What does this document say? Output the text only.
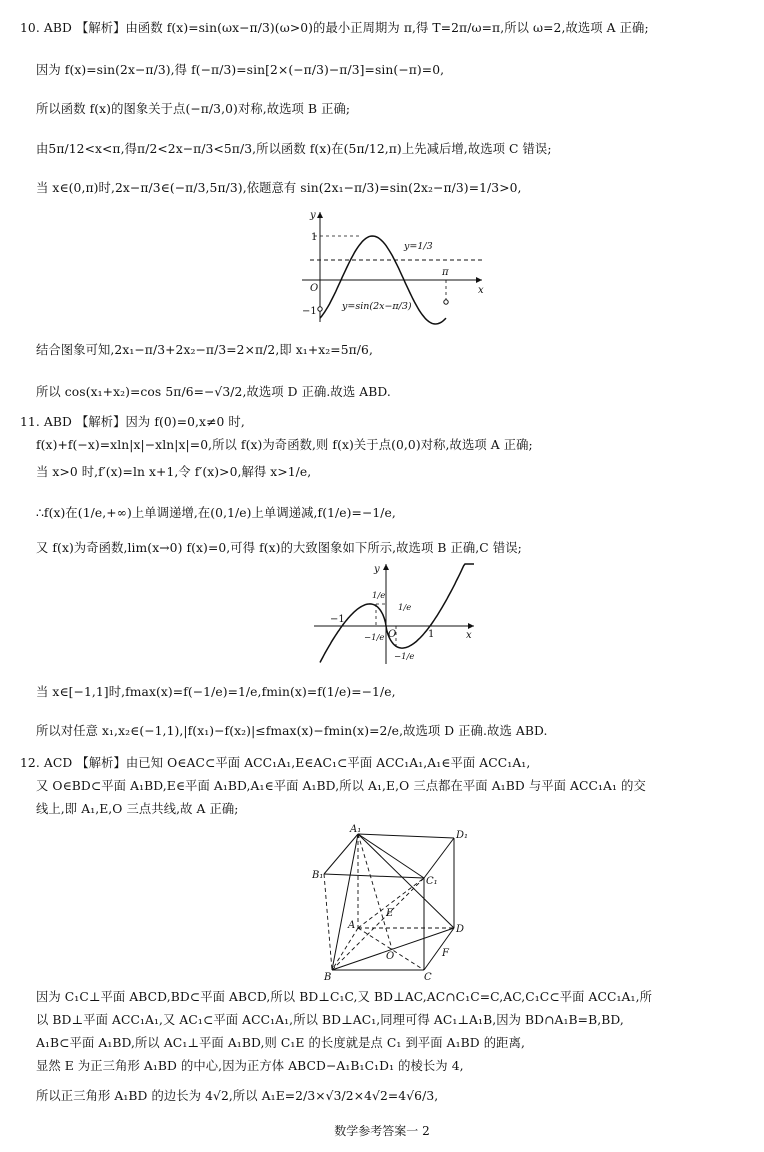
10. ABD 【解析】由函数 f(x)=sin(ωx−π/3)(ω>0)的最小正周期为 π,得 T=2π/ω=π,所以 ω=2,故选项 A 正确;
因为 f(x)=sin(2x−π/3),得 f(−π/3)=sin[2×(−π/3)−π/3]=sin(−π)=0,
所以函数 f(x)的图象关于点(−π/3,0)对称,故选项 B 正确;
由5π/12<x<π,得π/2<2x−π/3<5π/3,所以函数 f(x)在(5π/12,π)上先减后增,故选项 C 错误;
当 x∈(0,π)时,2x−π/3∈(−π/3,5π/3),依题意有 sin(2x₁−π/3)=sin(2x₂−π/3)=1/3>0,
y
x
1
−1
O
π
y=1/3
y=sin(2x−π/3)
结合图象可知,2x₁−π/3+2x₂−π/3=2×π/2,即 x₁+x₂=5π/6,
所以 cos(x₁+x₂)=cos 5π/6=−√3/2,故选项 D 正确.故选 ABD.
11. ABD 【解析】因为 f(0)=0,x≠0 时,
f(x)+f(−x)=xln|x|−xln|x|=0,所以 f(x)为奇函数,则 f(x)关于点(0,0)对称,故选项 A 正确;
当 x>0 时,f′(x)=ln x+1,令 f′(x)>0,解得 x>1/e,
∴f(x)在(1/e,+∞)上单调递增,在(0,1/e)上单调递减,f(1/e)=−1/e,
又 f(x)为奇函数,lim(x→0) f(x)=0,可得 f(x)的大致图象如下所示,故选项 B 正确,C 错误;
y
x
O
−1
1
1/e
1/e
−1/e
−1/e
当 x∈[−1,1]时,fmax(x)=f(−1/e)=1/e,fmin(x)=f(1/e)=−1/e,
所以对任意 x₁,x₂∈(−1,1),|f(x₁)−f(x₂)|≤fmax(x)−fmin(x)=2/e,故选项 D 正确.故选 ABD.
12. ACD 【解析】由已知 O∈AC⊂平面 ACC₁A₁,E∈AC₁⊂平面 ACC₁A₁,A₁∈平面 ACC₁A₁,
又 O∈BD⊂平面 A₁BD,E∈平面 A₁BD,A₁∈平面 A₁BD,所以 A₁,E,O 三点都在平面 A₁BD 与平面 ACC₁A₁ 的交
线上,即 A₁,E,O 三点共线,故 A 正确;
A₁
D₁
B₁
C₁
A	D
B	C
E
O	F
因为 C₁C⊥平面 ABCD,BD⊂平面 ABCD,所以 BD⊥C₁C,又 BD⊥AC,AC∩C₁C=C,AC,C₁C⊂平面 ACC₁A₁,所
以 BD⊥平面 ACC₁A₁,又 AC₁⊂平面 ACC₁A₁,所以 BD⊥AC₁,同理可得 AC₁⊥A₁B,因为 BD∩A₁B=B,BD,
A₁B⊂平面 A₁BD,所以 AC₁⊥平面 A₁BD,则 C₁E 的长度就是点 C₁ 到平面 A₁BD 的距离,
显然 E 为正三角形 A₁BD 的中心,因为正方体 ABCD−A₁B₁C₁D₁ 的棱长为 4,
所以正三角形 A₁BD 的边长为 4√2,所以 A₁E=2/3×√3/2×4√2=4√6/3,
数学参考答案一 2
